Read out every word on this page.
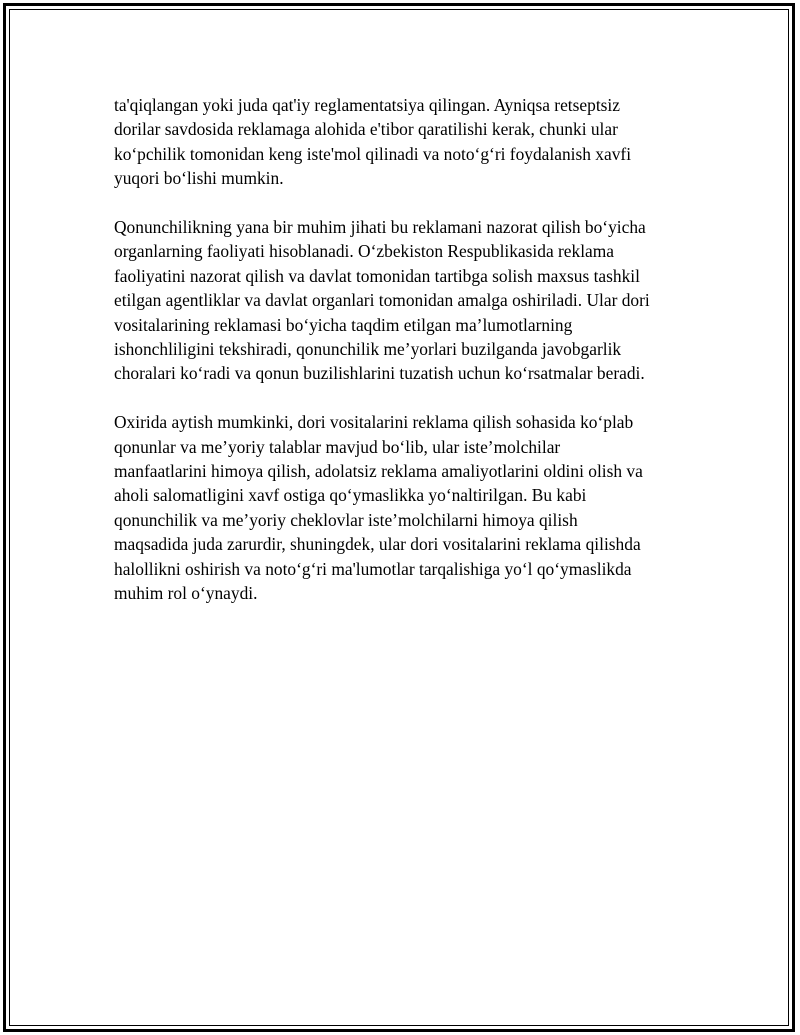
ta'qiqlangan yoki juda qat'iy reglamentatsiya qilingan. Ayniqsa retseptsiz
dorilar savdosida reklamaga alohida e'tibor qaratilishi kerak, chunki ular
ko‘pchilik tomonidan keng iste'mol qilinadi va noto‘g‘ri foydalanish xavfi
yuqori bo‘lishi mumkin.

Qonunchilikning yana bir muhim jihati bu reklamani nazorat qilish bo‘yicha
organlarning faoliyati hisoblanadi. O‘zbekiston Respublikasida reklama
faoliyatini nazorat qilish va davlat tomonidan tartibga solish maxsus tashkil
etilgan agentliklar va davlat organlari tomonidan amalga oshiriladi. Ular dori
vositalarining reklamasi bo‘yicha taqdim etilgan ma’lumotlarning
ishonchliligini tekshiradi, qonunchilik me’yorlari buzilganda javobgarlik
choralari ko‘radi va qonun buzilishlarini tuzatish uchun ko‘rsatmalar beradi.

Oxirida aytish mumkinki, dori vositalarini reklama qilish sohasida ko‘plab
qonunlar va me’yoriy talablar mavjud bo‘lib, ular iste’molchilar
manfaatlarini himoya qilish, adolatsiz reklama amaliyotlarini oldini olish va
aholi salomatligini xavf ostiga qo‘ymaslikka yo‘naltirilgan. Bu kabi
qonunchilik va me’yoriy cheklovlar iste’molchilarni himoya qilish
maqsadida juda zarurdir, shuningdek, ular dori vositalarini reklama qilishda
halollikni oshirish va noto‘g‘ri ma'lumotlar tarqalishiga yo‘l qo‘ymaslikda
muhim rol o‘ynaydi.
